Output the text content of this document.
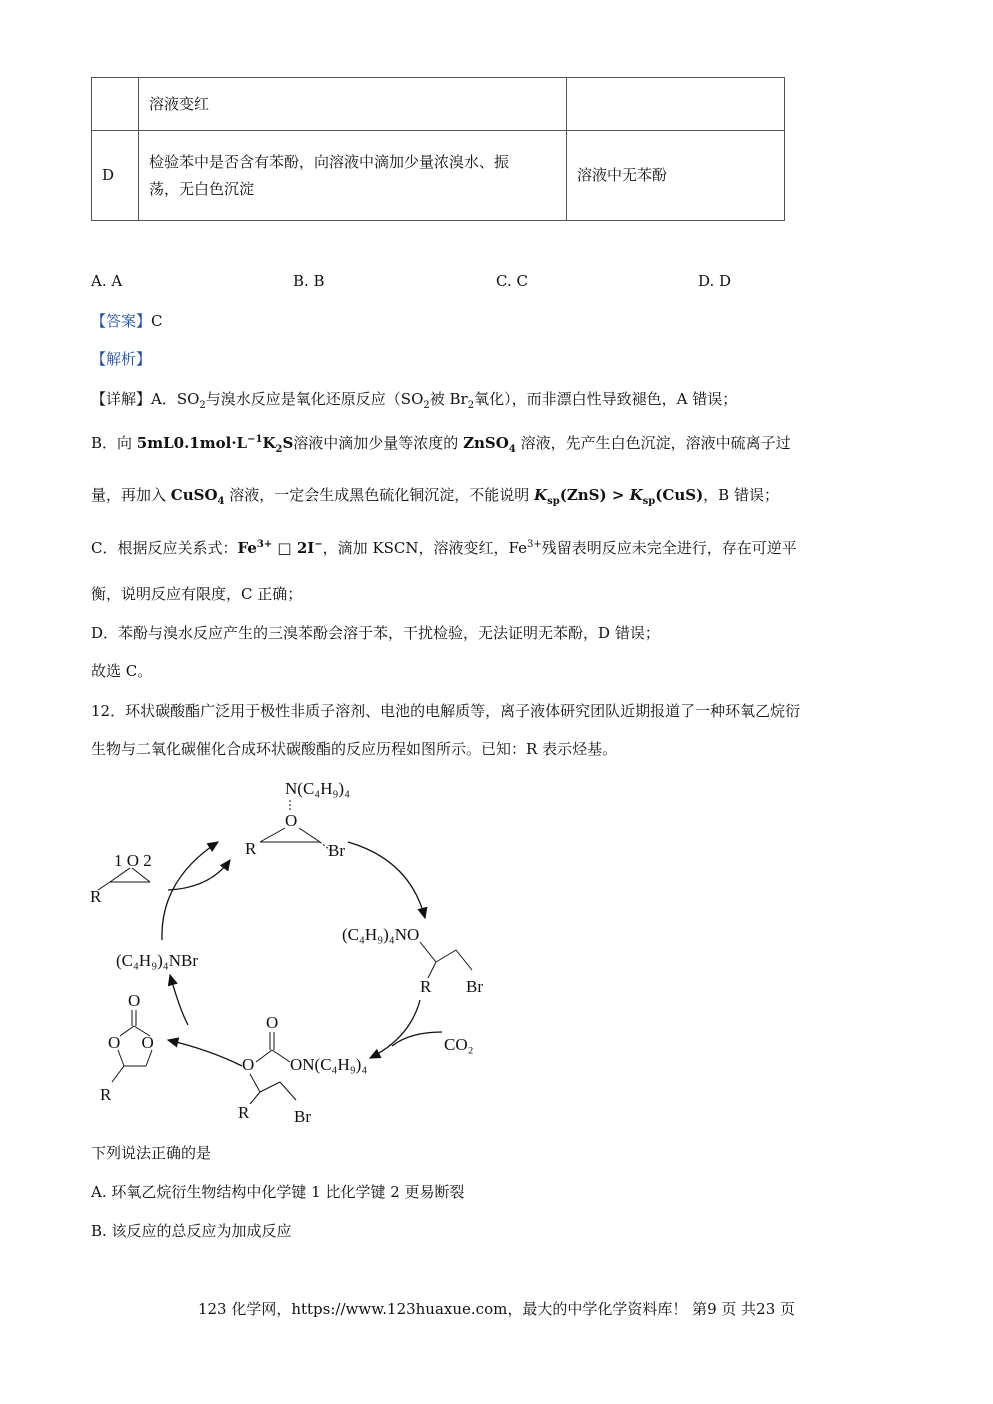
	溶液变红	
D	检验苯中是否含有苯酚，向溶液中滴加少量浓溴水、振
荡，无白色沉淀	溶液中无苯酚
A. A	B. B	C. C	D. D
【答案】C
【解析】
【详解】A．$SO_2$与溴水反应是氧化还原反应（$SO_2$被 $Br_2$氧化），而非漂白性导致褪色，A 错误；
B．向 $5mL0.1mol\cdot L^{-1}K_2S$溶液中滴加少量等浓度的 ZnSO$_4$ 溶液，先产生白色沉淀，溶液中硫离子过
量，再加入 CuSO$_4$ 溶液，一定会生成黑色硫化铜沉淀，不能说明 $K_{sp}(ZnS) > K_{sp}(CuS)$，B 错误；
C．根据反应关系式：$Fe^{3+}$ □ 2I−，滴加 KSCN，溶液变红，$Fe^{3+}$残留表明反应未完全进行，存在可逆平
衡，说明反应有限度，C 正确；
D．苯酚与溴水反应产生的三溴苯酚会溶于苯，干扰检验，无法证明无苯酚，D 错误；
故选 C。
12．环状碳酸酯广泛用于极性非质子溶剂、电池的电解质等，离子液体研究团队近期报道了一种环氧乙烷衍
生物与二氧化碳催化合成环状碳酸酯的反应历程如图所示。已知：R 表示烃基。
N(C₄H₉)₄
O
R	Br
1 O 2
R
(C₄H₉)₄NO
R Br
CO₂
(C₄H₉)₄NBr
O
O ON(C₄H₉)₄
R	Br
O
O     O
R
下列说法正确的是
A. 环氧乙烷衍生物结构中化学键 1 比化学键 2 更易断裂
B. 该反应的总反应为加成反应
123 化学网，https://www.123huaxue.com，最大的中学化学资料库！ 第9 页 共23 页
